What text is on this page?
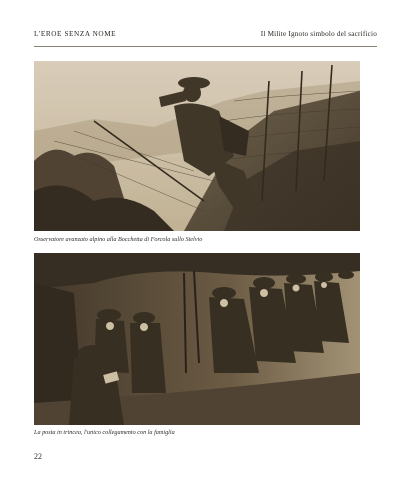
L'EROE SENZA NOME	Il Milite Ignoto simbolo del sacrificio
Osservatore avanzato alpino alla Bocchetta di Forcola sullo Stelvio
La posta in trincea, l'unico collegamento con la famiglia
22
